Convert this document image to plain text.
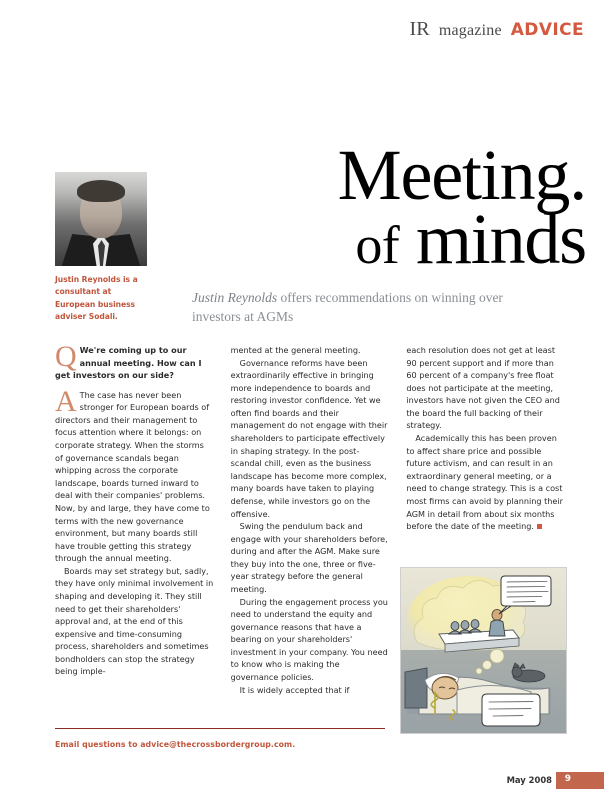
IR magazine ADVICE
Justin Reynolds is a consultant at European business adviser Sodali.
Meeting.
of minds
Justin Reynolds offers recommendations on winning over investors at AGMs

Q We're coming up to our annual meeting. How can I get investors on our side?

A The case has never been stronger for European boards of directors and their management to focus attention where it belongs: on corporate strategy. When the storms of governance scandals began whipping across the corporate landscape, boards turned inward to deal with their companies' problems. Now, by and large, they have come to terms with the new governance environment, but many boards still have trouble getting this strategy through the annual meeting.

Boards may set strategy but, sadly, they have only minimal involvement in shaping and developing it. They still need to get their shareholders' approval and, at the end of this expensive and time-consuming process, shareholders and sometimes bondholders can stop the strategy being imple-

mented at the general meeting.

Governance reforms have been extraordinarily effective in bringing more independence to boards and restoring investor confidence. Yet we often find boards and their management do not engage with their shareholders to participate effectively in shaping strategy. In the post-scandal chill, even as the business landscape has become more complex, many boards have taken to playing defense, while investors go on the offensive.

Swing the pendulum back and engage with your shareholders before, during and after the AGM. Make sure they buy into the one, three or five-year strategy before the general meeting.

During the engagement process you need to understand the equity and governance reasons that have a bearing on your shareholders' investment in your company. You need to know who is making the governance policies.

It is widely accepted that if

each resolution does not get at least 90 percent support and if more than 60 percent of a company's free float does not participate at the meeting, investors have not given the CEO and the board the full backing of their strategy.

Academically this has been proven to affect share price and possible future activism, and can result in an extraordinary general meeting, or a need to change strategy. This is a cost most firms can avoid by planning their AGM in detail from about six months before the date of the meeting.

Email questions to advice@thecrossbordergroup.com.
May 2008 9
